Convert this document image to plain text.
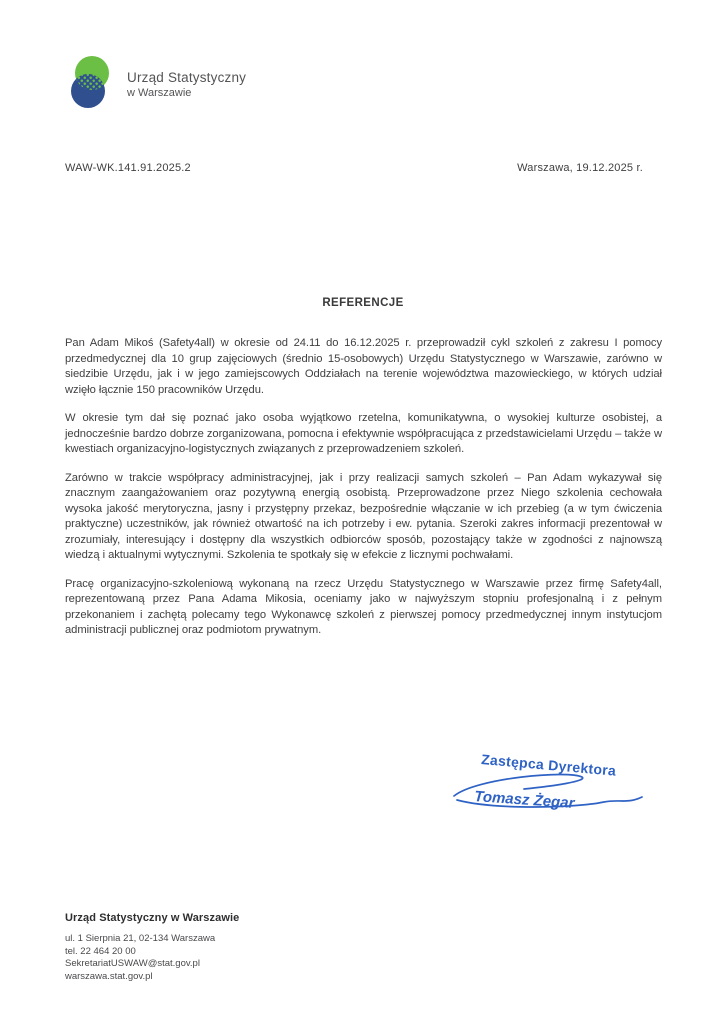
Urząd Statystyczny
w Warszawie
WAW-WK.141.91.2025.2	Warszawa, 19.12.2025 r.
REFERENCJE

Pan Adam Mikoś (Safety4all) w okresie od 24.11 do 16.12.2025 r. przeprowadził cykl szkoleń z zakresu I pomocy przedmedycznej dla 10 grup zajęciowych (średnio 15-osobowych) Urzędu Statystycznego w Warszawie, zarówno w siedzibie Urzędu, jak i w jego zamiejscowych Oddziałach na terenie województwa mazowieckiego, w których udział wzięło łącznie 150 pracowników Urzędu.

W okresie tym dał się poznać jako osoba wyjątkowo rzetelna, komunikatywna, o wysokiej kulturze osobistej, a jednocześnie bardzo dobrze zorganizowana, pomocna i efektywnie współpracująca z przedstawicielami Urzędu – także w kwestiach organizacyjno-logistycznych związanych z przeprowadzeniem szkoleń.

Zarówno w trakcie współpracy administracyjnej, jak i przy realizacji samych szkoleń – Pan Adam wykazywał się znacznym zaangażowaniem oraz pozytywną energią osobistą. Przeprowadzone przez Niego szkolenia cechowała wysoka jakość merytoryczna, jasny i przystępny przekaz, bezpośrednie włączanie w ich przebieg (a w tym ćwiczenia praktyczne) uczestników, jak również otwartość na ich potrzeby i ew. pytania. Szeroki zakres informacji prezentował w zrozumiały, interesujący i dostępny dla wszystkich odbiorców sposób, pozostający także w zgodności z najnowszą wiedzą i aktualnymi wytycznymi. Szkolenia te spotkały się w efekcie z licznymi pochwałami.

Pracę organizacyjno-szkoleniową wykonaną na rzecz Urzędu Statystycznego w Warszawie przez firmę Safety4all, reprezentowaną przez Pana Adama Mikosia, oceniamy jako w najwyższym stopniu profesjonalną i z pełnym przekonaniem i zachętą polecamy tego Wykonawcę szkoleń z pierwszej pomocy przedmedycznej innym instytucjom administracji publicznej oraz podmiotom prywatnym.

Zastępca Dyrektora
Tomasz Żegar
Urząd Statystyczny w Warszawie
ul. 1 Sierpnia 21, 02-134 Warszawa
tel. 22 464 20 00
SekretariatUSWAW@stat.gov.pl
warszawa.stat.gov.pl
